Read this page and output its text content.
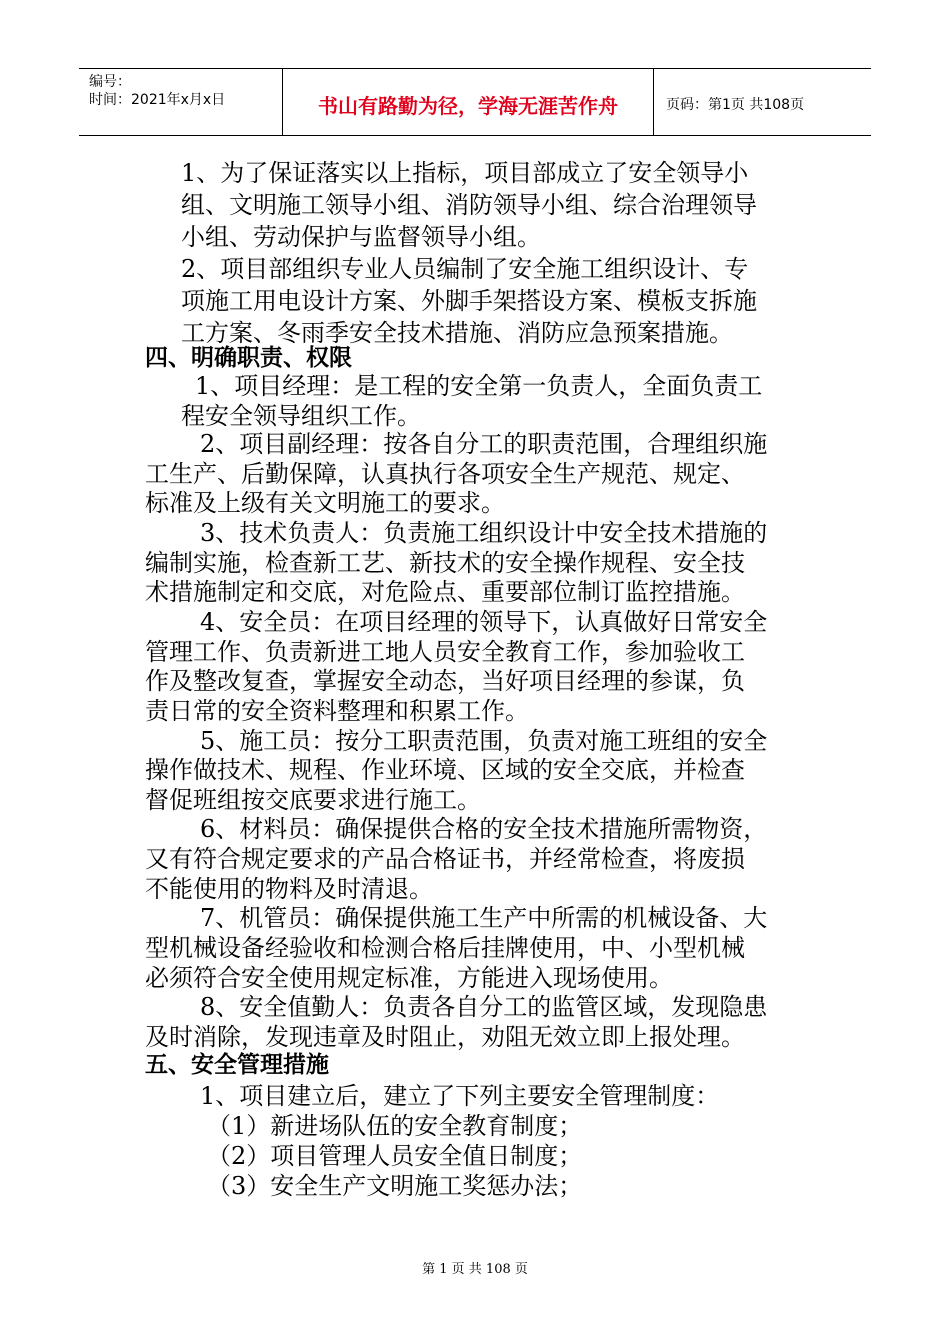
编号：
时间：2021年x月x日	书山有路勤为径，学海无涯苦作舟	页码：第1页 共108页
1、为了保证落实以上指标，项目部成立了安全领导小
组、文明施工领导小组、消防领导小组、综合治理领导
小组、劳动保护与监督领导小组。
2、项目部组织专业人员编制了安全施工组织设计、专
项施工用电设计方案、外脚手架搭设方案、模板支拆施
工方案、冬雨季安全技术措施、消防应急预案措施。
四、明确职责、权限
1、项目经理：是工程的安全第一负责人，全面负责工
程安全领导组织工作。
2、项目副经理：按各自分工的职责范围，合理组织施
工生产、后勤保障，认真执行各项安全生产规范、规定、
标准及上级有关文明施工的要求。
3、技术负责人：负责施工组织设计中安全技术措施的
编制实施，检查新工艺、新技术的安全操作规程、安全技
术措施制定和交底，对危险点、重要部位制订监控措施。
4、安全员：在项目经理的领导下，认真做好日常安全
管理工作、负责新进工地人员安全教育工作，参加验收工
作及整改复查，掌握安全动态，当好项目经理的参谋，负
责日常的安全资料整理和积累工作。
5、施工员：按分工职责范围，负责对施工班组的安全
操作做技术、规程、作业环境、区域的安全交底，并检查
督促班组按交底要求进行施工。
6、材料员：确保提供合格的安全技术措施所需物资，
又有符合规定要求的产品合格证书，并经常检查，将废损
不能使用的物料及时清退。
7、机管员：确保提供施工生产中所需的机械设备、大
型机械设备经验收和检测合格后挂牌使用，中、小型机械
必须符合安全使用规定标准，方能进入现场使用。
8、安全值勤人：负责各自分工的监管区域，发现隐患
及时消除，发现违章及时阻止，劝阻无效立即上报处理。
五、安全管理措施
1、项目建立后，建立了下列主要安全管理制度：
（1）新进场队伍的安全教育制度；
（2）项目管理人员安全值日制度；
（3）安全生产文明施工奖惩办法；
第 1 页 共 108 页
